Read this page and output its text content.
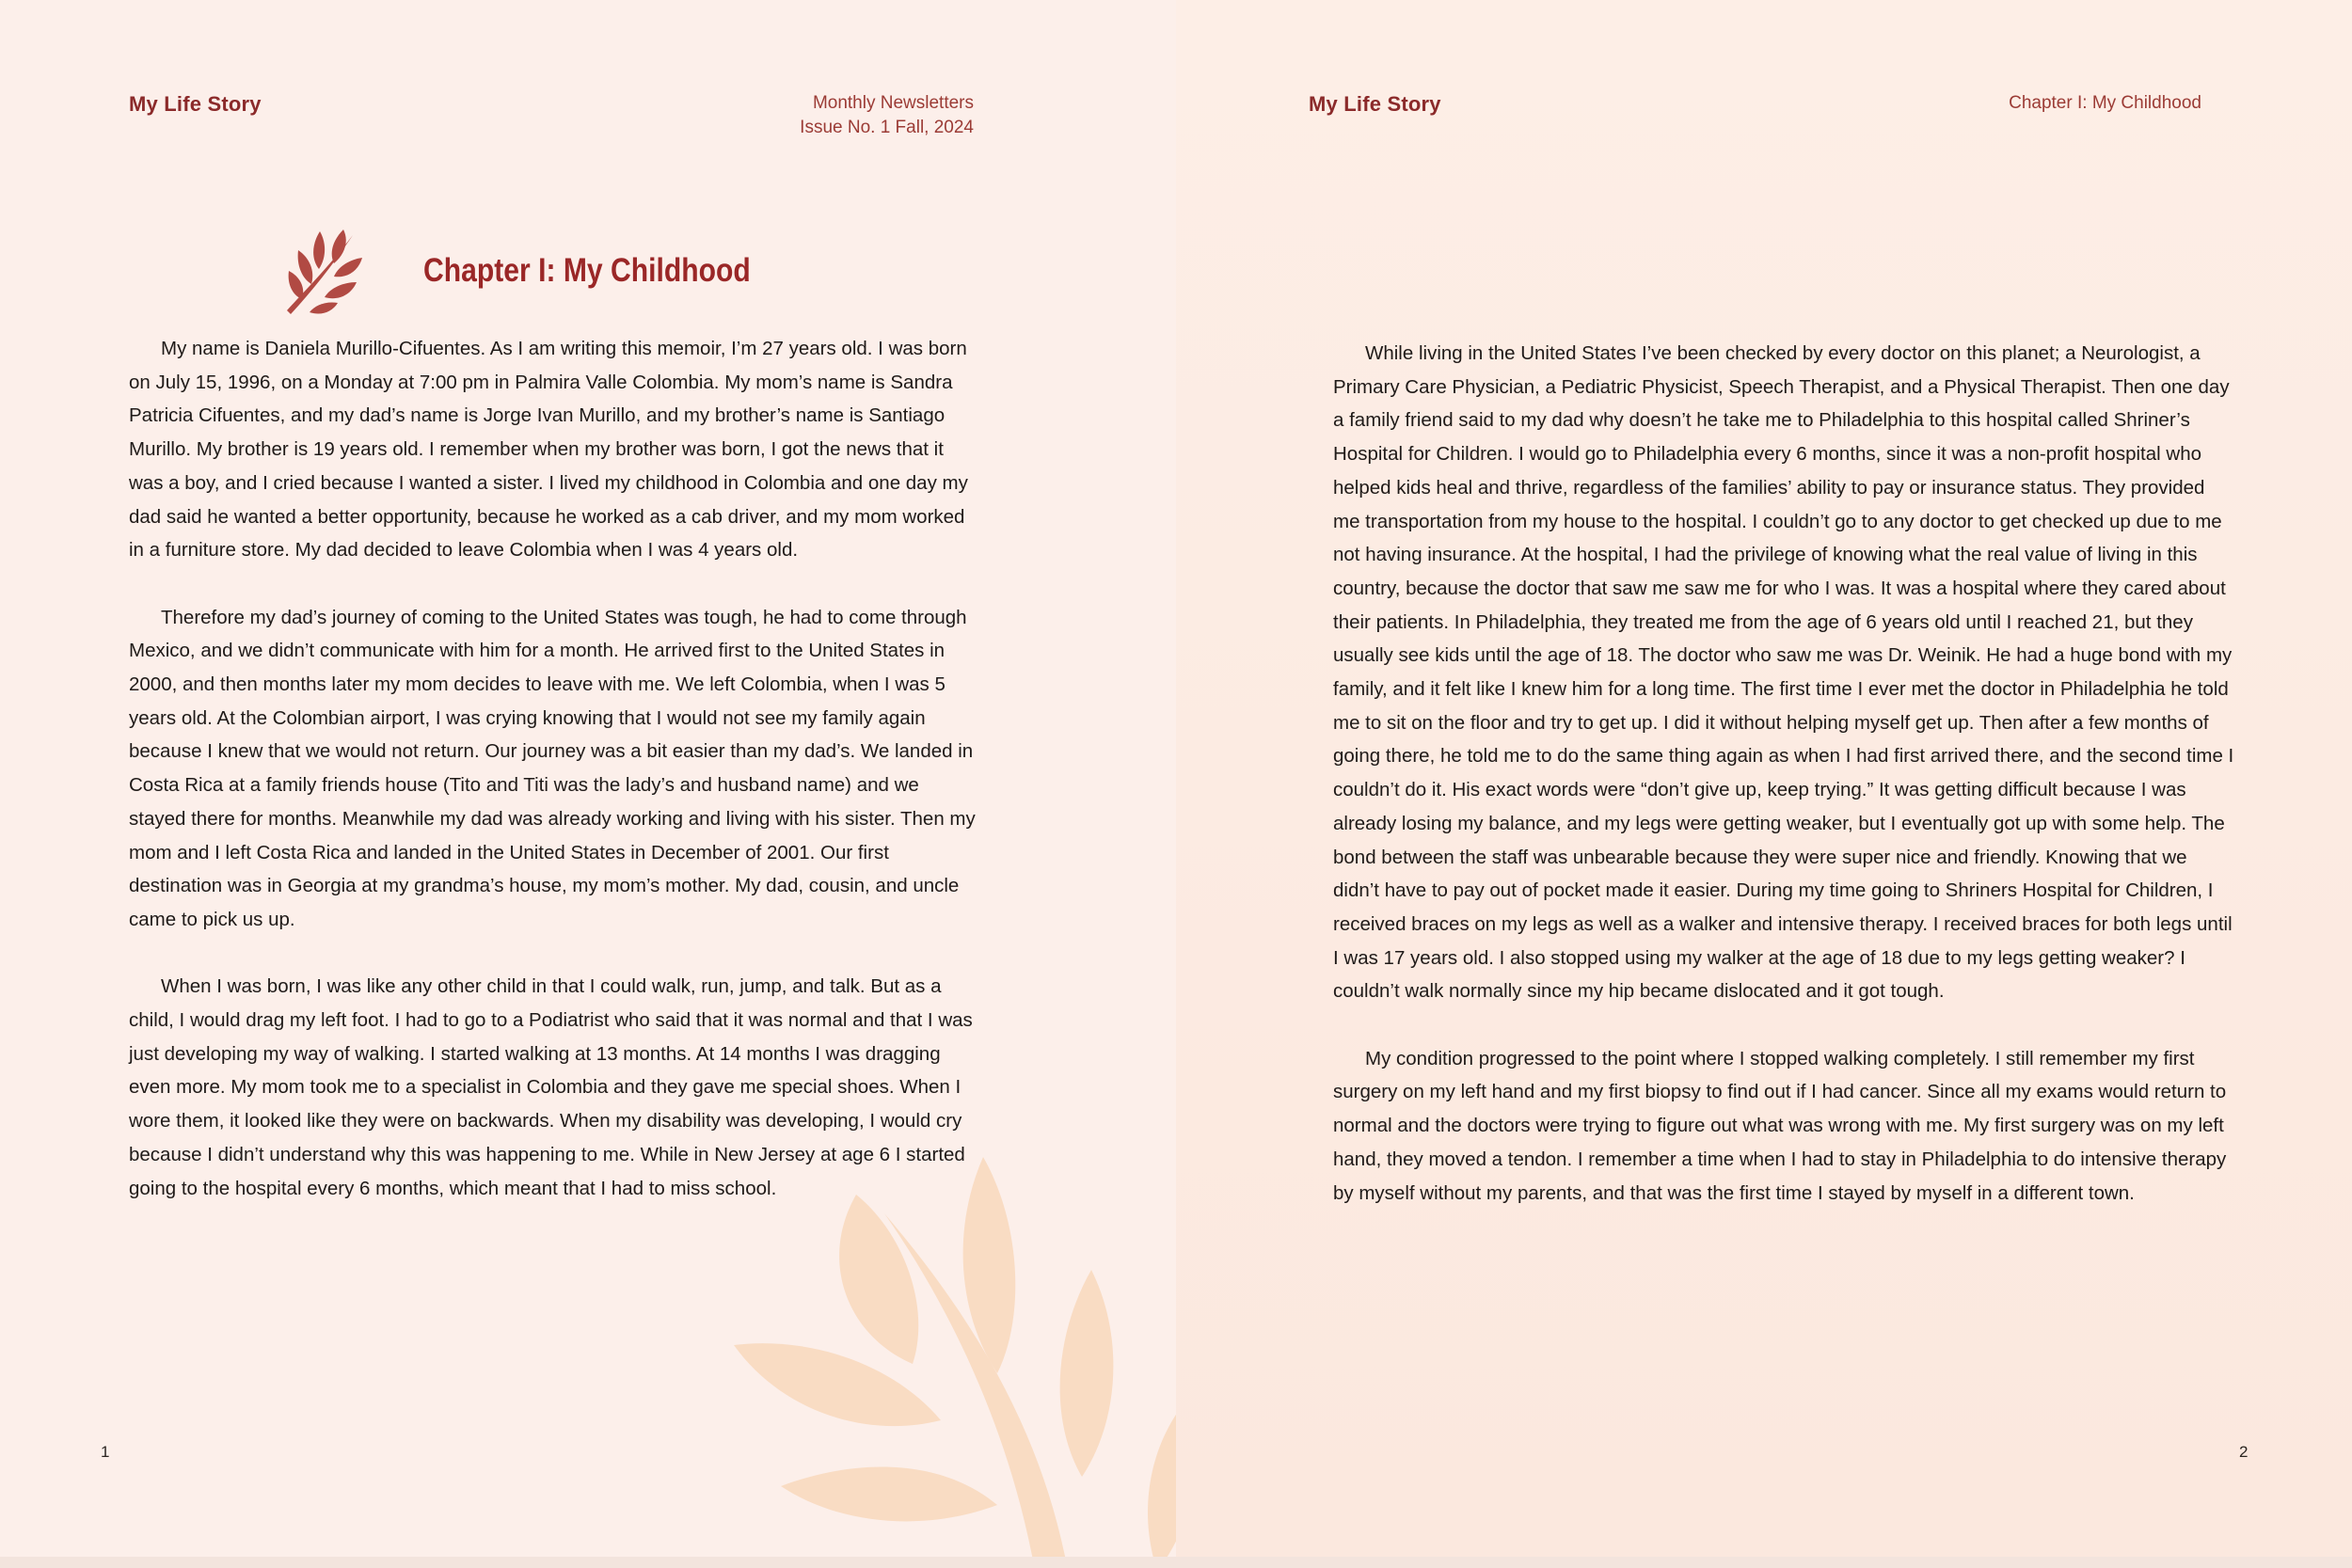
My Life Story	Monthly Newsletters
Issue No. 1 Fall, 2024
Chapter I: My Childhood

My name is Daniela Murillo-Cifuentes. As I am writing this memoir, I’m 27 years old. I was born on July 15, 1996, on a Monday at 7:00 pm in Palmira Valle Colombia. My mom’s name is Sandra Patricia Cifuentes, and my dad’s name is Jorge Ivan Murillo, and my brother’s name is Santiago Murillo. My brother is 19 years old. I remember when my brother was born, I got the news that it was a boy, and I cried because I wanted a sister. I lived my childhood in Colombia and one day my dad said he wanted a better opportunity, because he worked as a cab driver, and my mom worked in a furniture store. My dad decided to leave Colombia when I was 4 years old.

Therefore my dad’s journey of coming to the United States was tough, he had to come through Mexico, and we didn’t communicate with him for a month. He arrived first to the United States in 2000, and then months later my mom decides to leave with me. We left Colombia, when I was 5 years old. At the Colombian airport, I was crying knowing that I would not see my family again because I knew that we would not return. Our journey was a bit easier than my dad’s. We landed in Costa Rica at a family friends house (Tito and Titi was the lady’s and husband name) and we stayed there for months. Meanwhile my dad was already working and living with his sister. Then my mom and I left Costa Rica and landed in the United States in December of 2001. Our first destination was in Georgia at my grandma’s house, my mom’s mother. My dad, cousin, and uncle came to pick us up.

When I was born, I was like any other child in that I could walk, run, jump, and talk. But as a child, I would drag my left foot. I had to go to a Podiatrist who said that it was normal and that I was just developing my way of walking. I started walking at 13 months. At 14 months I was dragging even more. My mom took me to a specialist in Colombia and they gave me special shoes. When I wore them, it looked like they were on backwards. When my disability was developing, I would cry because I didn’t understand why this was happening to me. While in New Jersey at age 6 I started going to the hospital every 6 months, which meant that I had to miss school.

1
My Life Story	Chapter I: My Childhood

While living in the United States I’ve been checked by every doctor on this planet; a Neurologist, a Primary Care Physician, a Pediatric Physicist, Speech Therapist, and a Physical Therapist. Then one day a family friend said to my dad why doesn’t he take me to Philadelphia to this hospital called Shriner’s Hospital for Children. I would go to Philadelphia every 6 months, since it was a non-profit hospital who helped kids heal and thrive, regardless of the families’ ability to pay or insurance status. They provided me transportation from my house to the hospital. I couldn’t go to any doctor to get checked up due to me not having insurance. At the hospital, I had the privilege of knowing what the real value of living in this country, because the doctor that saw me saw me for who I was. It was a hospital where they cared about their patients. In Philadelphia, they treated me from the age of 6 years old until I reached 21, but they usually see kids until the age of 18. The doctor who saw me was Dr. Weinik. He had a huge bond with my family, and it felt like I knew him for a long time. The first time I ever met the doctor in Philadelphia he told me to sit on the floor and try to get up. I did it without helping myself get up. Then after a few months of going there, he told me to do the same thing again as when I had first arrived there, and the second time I couldn’t do it. His exact words were “don’t give up, keep trying.” It was getting difficult because I was already losing my balance, and my legs were getting weaker, but I eventually got up with some help. The bond between the staff was unbearable because they were super nice and friendly. Knowing that we didn’t have to pay out of pocket made it easier. During my time going to Shriners Hospital for Children, I received braces on my legs as well as a walker and intensive therapy. I received braces for both legs until I was 17 years old. I also stopped using my walker at the age of 18 due to my legs getting weaker? I couldn’t walk normally since my hip became dislocated and it got tough.

My condition progressed to the point where I stopped walking completely. I still remember my first surgery on my left hand and my first biopsy to find out if I had cancer. Since all my exams would return to normal and the doctors were trying to figure out what was wrong with me. My first surgery was on my left hand, they moved a tendon. I remember a time when I had to stay in Philadelphia to do intensive therapy by myself without my parents, and that was the first time I stayed by myself in a different town.

2
